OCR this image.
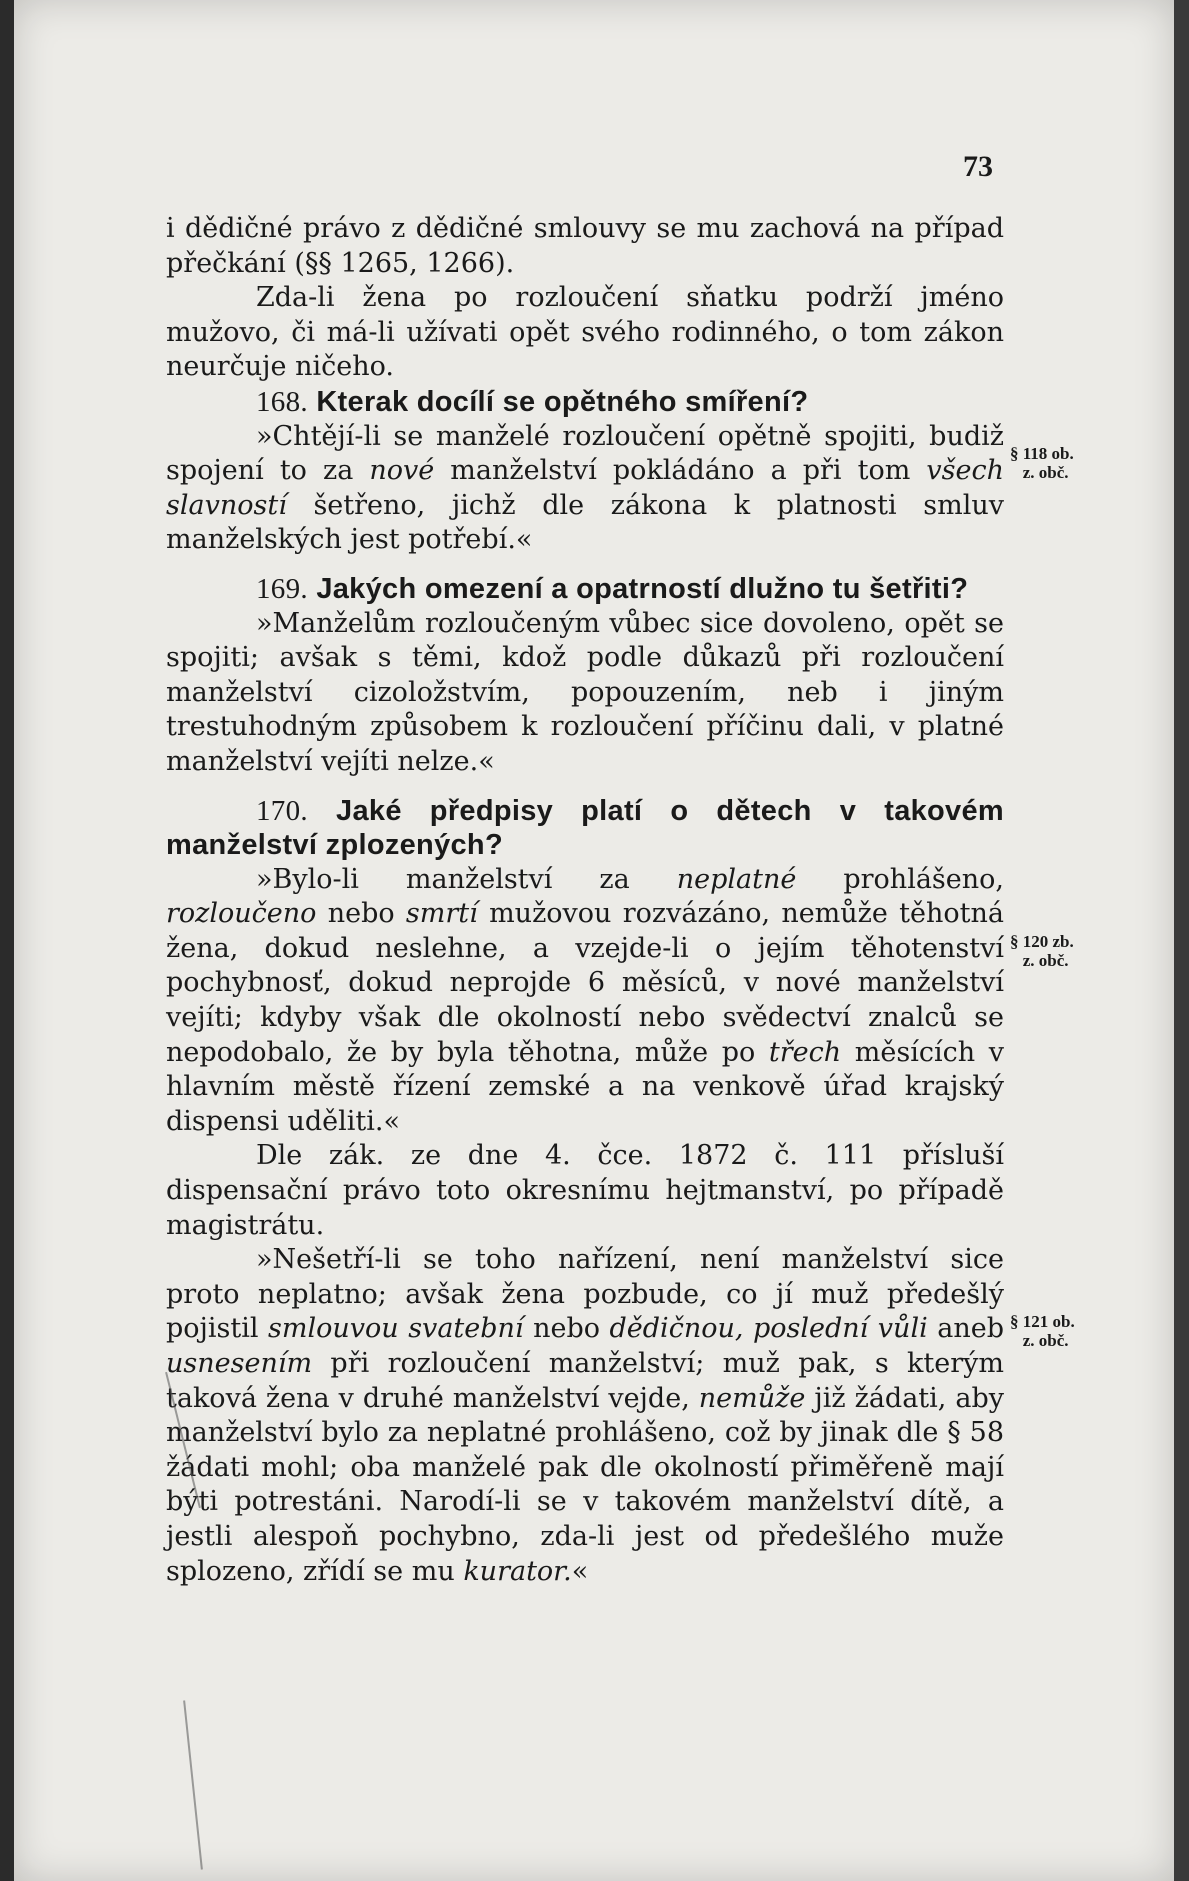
73

i dědičné právo z dědičné smlouvy se mu zachová na případ přečkání (§§ 1265, 1266).

Zda-li žena po rozloučení sňatku podrží jméno mužovo, či má-li užívati opět svého rodinného, o tom zákon neurčuje ničeho.

168. Kterak docílí se opětného smíření?

»Chtějí-li se manželé rozloučení opětně spojiti, budiž spojení to za nové manželství pokládáno a při tom všech slavností šetřeno, jichž dle zákona k platnosti smluv manželských jest potřebí.«

169. Jakých omezení a opatrností dlužno tu šetřiti?

»Manželům rozloučeným vůbec sice dovoleno, opět se spojiti; avšak s těmi, kdož podle důkazů při rozloučení manželství cizoložstvím, popouzením, neb i jiným trestuhodným způsobem k rozloučení příčinu dali, v platné manželství vejíti nelze.«

170. Jaké předpisy platí o dětech v takovém manželství zplozených?

»Bylo-li manželství za neplatné prohlášeno, rozloučeno nebo smrtí mužovou rozvázáno, nemůže těhotná žena, dokud neslehne, a vzejde-li o jejím těhotenství pochybnosť, dokud neprojde 6 měsíců, v nové manželství vejíti; kdyby však dle okolností nebo svědectví znalců se nepodobalo, že by byla těhotna, může po třech měsících v hlavním městě řízení zemské a na venkově úřad krajský dispensi uděliti.«

Dle zák. ze dne 4. čce. 1872 č. 111 přísluší dispensační právo toto okresnímu hejtmanství, po případě magistrátu.

»Nešetří-li se toho nařízení, není manželství sice proto neplatno; avšak žena pozbude, co jí muž předešlý pojistil smlouvou svatební nebo dědičnou, poslední vůli aneb usnesením při rozloučení manželství; muž pak, s kterým taková žena v druhé manželství vejde, nemůže již žádati, aby manželství bylo za neplatné prohlášeno, což by jinak dle § 58 žádati mohl; oba manželé pak dle okolností přiměřeně mají býti potrestáni. Narodí-li se v takovém manželství dítě, a jestli alespoň pochybno, zda-li jest od předešlého muže splozeno, zřídí se mu kurator.«

§ 118 ob.
z. obč.
§ 120 zb.
z. obč.
§ 121 ob.
z. obč.
